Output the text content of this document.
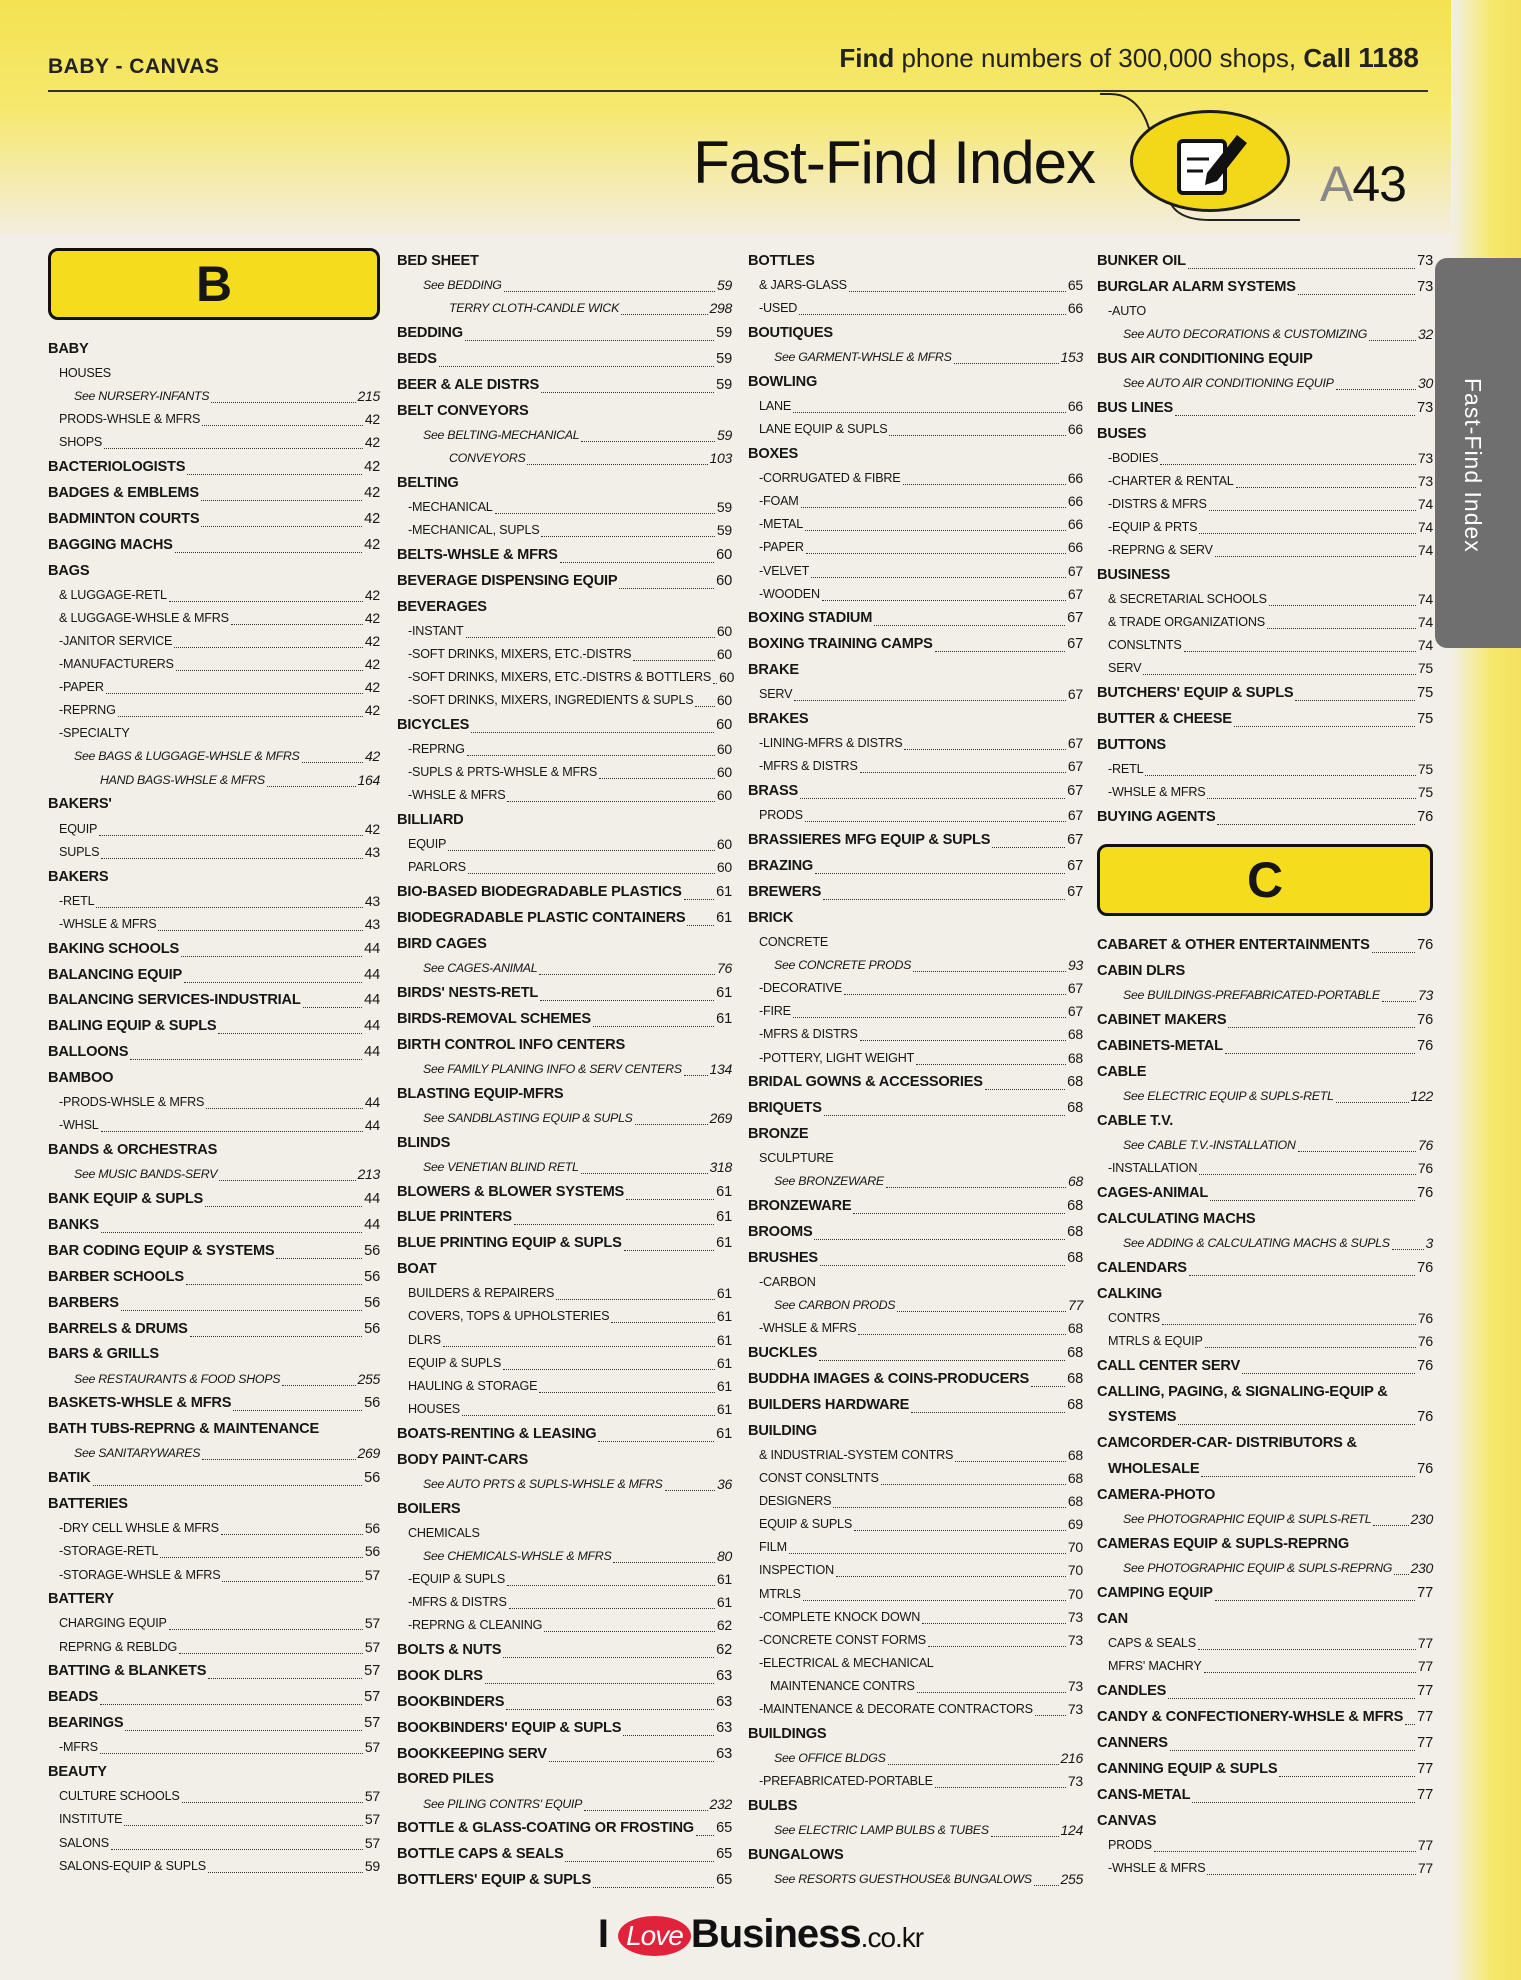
BABY - CANVAS	Find phone numbers of 300,000 shops, Call 1188
Fast-Find Index	A43
Fast-Find Index
B
BABY
HOUSES
See NURSERY-INFANTS	215
PRODS-WHSLE & MFRS	42
SHOPS	42
BACTERIOLOGISTS	42
BADGES & EMBLEMS	42
BADMINTON COURTS	42
BAGGING MACHS	42
BAGS
& LUGGAGE-RETL	42
& LUGGAGE-WHSLE & MFRS	42
-JANITOR SERVICE	42
-MANUFACTURERS	42
-PAPER	42
-REPRNG	42
-SPECIALTY
See BAGS & LUGGAGE-WHSLE & MFRS	42
HAND BAGS-WHSLE & MFRS	164
BAKERS'
EQUIP	42
SUPLS	43
BAKERS
-RETL	43
-WHSLE & MFRS	43
BAKING SCHOOLS	44
BALANCING EQUIP	44
BALANCING SERVICES-INDUSTRIAL	44
BALING EQUIP & SUPLS	44
BALLOONS	44
BAMBOO
-PRODS-WHSLE & MFRS	44
-WHSL	44
BANDS & ORCHESTRAS
See MUSIC BANDS-SERV	213
BANK EQUIP & SUPLS	44
BANKS	44
BAR CODING EQUIP & SYSTEMS	56
BARBER SCHOOLS	56
BARBERS	56
BARRELS & DRUMS	56
BARS & GRILLS
See RESTAURANTS & FOOD SHOPS	255
BASKETS-WHSLE & MFRS	56
BATH TUBS-REPRNG & MAINTENANCE
See SANITARYWARES	269
BATIK	56
BATTERIES
-DRY CELL WHSLE & MFRS	56
-STORAGE-RETL	56
-STORAGE-WHSLE & MFRS	57
BATTERY
CHARGING EQUIP	57
REPRNG & REBLDG	57
BATTING & BLANKETS	57
BEADS	57
BEARINGS	57
-MFRS	57
BEAUTY
CULTURE SCHOOLS	57
INSTITUTE	57
SALONS	57
SALONS-EQUIP & SUPLS	59
BED SHEET
See BEDDING	59
TERRY CLOTH-CANDLE WICK	298
BEDDING	59
BEDS	59
BEER & ALE DISTRS	59
BELT CONVEYORS
See BELTING-MECHANICAL	59
CONVEYORS	103
BELTING
-MECHANICAL	59
-MECHANICAL, SUPLS	59
BELTS-WHSLE & MFRS	60
BEVERAGE DISPENSING EQUIP	60
BEVERAGES
-INSTANT	60
-SOFT DRINKS, MIXERS, ETC.-DISTRS	60
-SOFT DRINKS, MIXERS, ETC.-DISTRS & BOTTLERS 60
-SOFT DRINKS, MIXERS, INGREDIENTS & SUPLS 60
BICYCLES	60
-REPRNG	60
-SUPLS & PRTS-WHSLE & MFRS	60
-WHSLE & MFRS	60
BILLIARD
EQUIP	60
PARLORS	60
BIO-BASED BIODEGRADABLE PLASTICS 61
BIODEGRADABLE PLASTIC CONTAINERS 61
BIRD CAGES
See CAGES-ANIMAL	76
BIRDS' NESTS-RETL	61
BIRDS-REMOVAL SCHEMES	61
BIRTH CONTROL INFO CENTERS
See FAMILY PLANING INFO & SERV CENTERS 134
BLASTING EQUIP-MFRS
See SANDBLASTING EQUIP & SUPLS	269
BLINDS
See VENETIAN BLIND RETL	318
BLOWERS & BLOWER SYSTEMS	61
BLUE PRINTERS	61
BLUE PRINTING EQUIP & SUPLS	61
BOAT
BUILDERS & REPAIRERS	61
COVERS, TOPS & UPHOLSTERIES	61
DLRS	61
EQUIP & SUPLS	61
HAULING & STORAGE	61
HOUSES	61
BOATS-RENTING & LEASING	61
BODY PAINT-CARS
See AUTO PRTS & SUPLS-WHSLE & MFRS	36
BOILERS
CHEMICALS
See CHEMICALS-WHSLE & MFRS	80
-EQUIP & SUPLS	61
-MFRS & DISTRS	61
-REPRNG & CLEANING	62
BOLTS & NUTS	62
BOOK DLRS	63
BOOKBINDERS	63
BOOKBINDERS' EQUIP & SUPLS	63
BOOKKEEPING SERV	63
BORED PILES
See PILING CONTRS' EQUIP	232
BOTTLE & GLASS-COATING OR FROSTING 65
BOTTLE CAPS & SEALS	65
BOTTLERS' EQUIP & SUPLS	65
BOTTLES
& JARS-GLASS	65
-USED	66
BOUTIQUES
See GARMENT-WHSLE & MFRS	153
BOWLING
LANE	66
LANE EQUIP & SUPLS	66
BOXES
-CORRUGATED & FIBRE	66
-FOAM	66
-METAL	66
-PAPER	66
-VELVET	67
-WOODEN	67
BOXING STADIUM	67
BOXING TRAINING CAMPS	67
BRAKE
SERV	67
BRAKES
-LINING-MFRS & DISTRS	67
-MFRS & DISTRS	67
BRASS	67
PRODS	67
BRASSIERES MFG EQUIP & SUPLS	67
BRAZING	67
BREWERS	67
BRICK
CONCRETE
See CONCRETE PRODS	93
-DECORATIVE	67
-FIRE	67
-MFRS & DISTRS	68
-POTTERY, LIGHT WEIGHT	68
BRIDAL GOWNS & ACCESSORIES	68
BRIQUETS	68
BRONZE
SCULPTURE
See BRONZEWARE	68
BRONZEWARE	68
BROOMS	68
BRUSHES	68
-CARBON
See CARBON PRODS	77
-WHSLE & MFRS	68
BUCKLES	68
BUDDHA IMAGES & COINS-PRODUCERS	68
BUILDERS HARDWARE	68
BUILDING
& INDUSTRIAL-SYSTEM CONTRS	68
CONST CONSLTNTS	68
DESIGNERS	68
EQUIP & SUPLS	69
FILM	70
INSPECTION	70
MTRLS	70
-COMPLETE KNOCK DOWN	73
-CONCRETE CONST FORMS	73
-ELECTRICAL & MECHANICAL
MAINTENANCE CONTRS	73
-MAINTENANCE & DECORATE CONTRACTORS 73
BUILDINGS
See OFFICE BLDGS	216
-PREFABRICATED-PORTABLE	73
BULBS
See ELECTRIC LAMP BULBS & TUBES	124
BUNGALOWS
See RESORTS GUESTHOUSE& BUNGALOWS 255
BUNKER OIL	73
BURGLAR ALARM SYSTEMS	73
-AUTO
See AUTO DECORATIONS & CUSTOMIZING	32
BUS AIR CONDITIONING EQUIP
See AUTO AIR CONDITIONING EQUIP	30
BUS LINES	73
BUSES
-BODIES	73
-CHARTER & RENTAL	73
-DISTRS & MFRS	74
-EQUIP & PRTS	74
-REPRNG & SERV	74
BUSINESS
& SECRETARIAL SCHOOLS	74
& TRADE ORGANIZATIONS	74
CONSLTNTS	74
SERV	75
BUTCHERS' EQUIP & SUPLS	75
BUTTER & CHEESE	75
BUTTONS
-RETL	75
-WHSLE & MFRS	75
BUYING AGENTS	76
C
CABARET & OTHER ENTERTAINMENTS	76
CABIN DLRS
See BUILDINGS-PREFABRICATED-PORTABLE	73
CABINET MAKERS	76
CABINETS-METAL	76
CABLE
See ELECTRIC EQUIP & SUPLS-RETL	122
CABLE T.V.
See CABLE T.V.-INSTALLATION	76
-INSTALLATION	76
CAGES-ANIMAL	76
CALCULATING MACHS
See ADDING & CALCULATING MACHS & SUPLS	3
CALENDARS	76
CALKING
CONTRS	76
MTRLS & EQUIP	76
CALL CENTER SERV	76
CALLING, PAGING, & SIGNALING-EQUIP &
SYSTEMS	76
CAMCORDER-CAR- DISTRIBUTORS &
WHOLESALE	76
CAMERA-PHOTO
See PHOTOGRAPHIC EQUIP & SUPLS-RETL	230
CAMERAS EQUIP & SUPLS-REPRNG
See PHOTOGRAPHIC EQUIP & SUPLS-REPRNG 230
CAMPING EQUIP	77
CAN
CAPS & SEALS	77
MFRS' MACHRY	77
CANDLES	77
CANDY & CONFECTIONERY-WHSLE & MFRS 77
CANNERS	77
CANNING EQUIP & SUPLS	77
CANS-METAL	77
CANVAS
PRODS	77
-WHSLE & MFRS	77
I Love Business.co.kr
